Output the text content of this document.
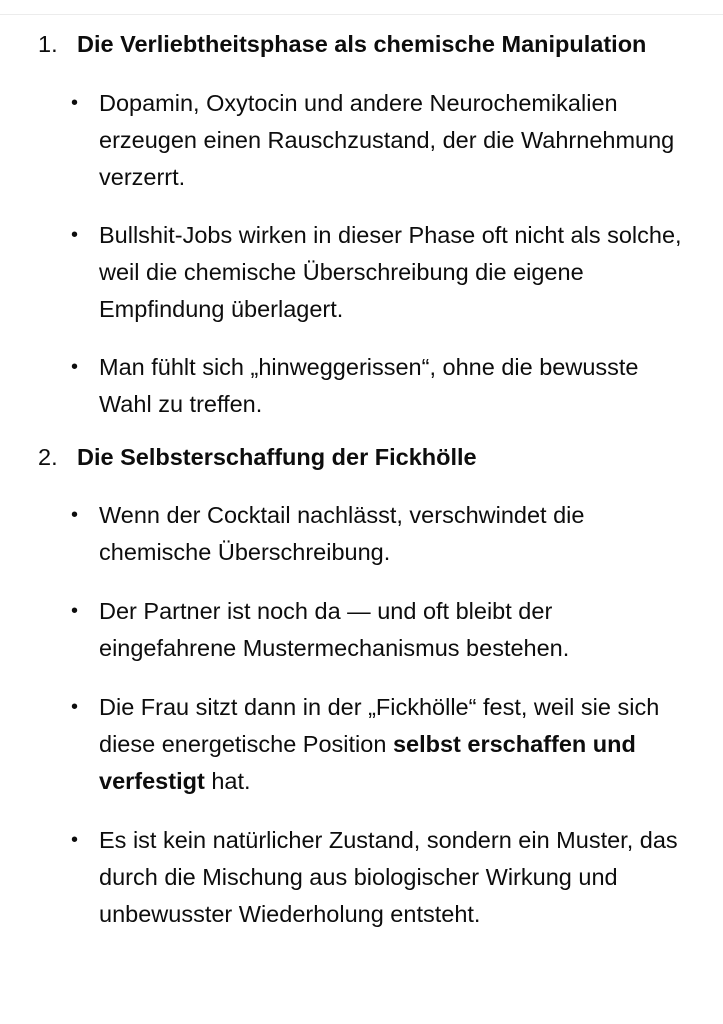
1. Die Verliebtheitsphase als chemische Manipulation

• Dopamin, Oxytocin und andere Neurochemikalien erzeugen einen Rauschzustand, der die Wahrnehmung verzerrt.
• Bullshit-Jobs wirken in dieser Phase oft nicht als solche, weil die chemische Überschreibung die eigene Empfindung überlagert.
• Man fühlt sich „hinweggerissen“, ohne die bewusste Wahl zu treffen.
2. Die Selbsterschaffung der Fickhölle

• Wenn der Cocktail nachlässt, verschwindet die chemische Überschreibung.
• Der Partner ist noch da — und oft bleibt der eingefahrene Mustermechanismus bestehen.
• Die Frau sitzt dann in der „Fickhölle“ fest, weil sie sich diese energetische Position selbst erschaffen und verfestigt hat.
• Es ist kein natürlicher Zustand, sondern ein Muster, das durch die Mischung aus biologischer Wirkung und unbewusster Wiederholung entsteht.
